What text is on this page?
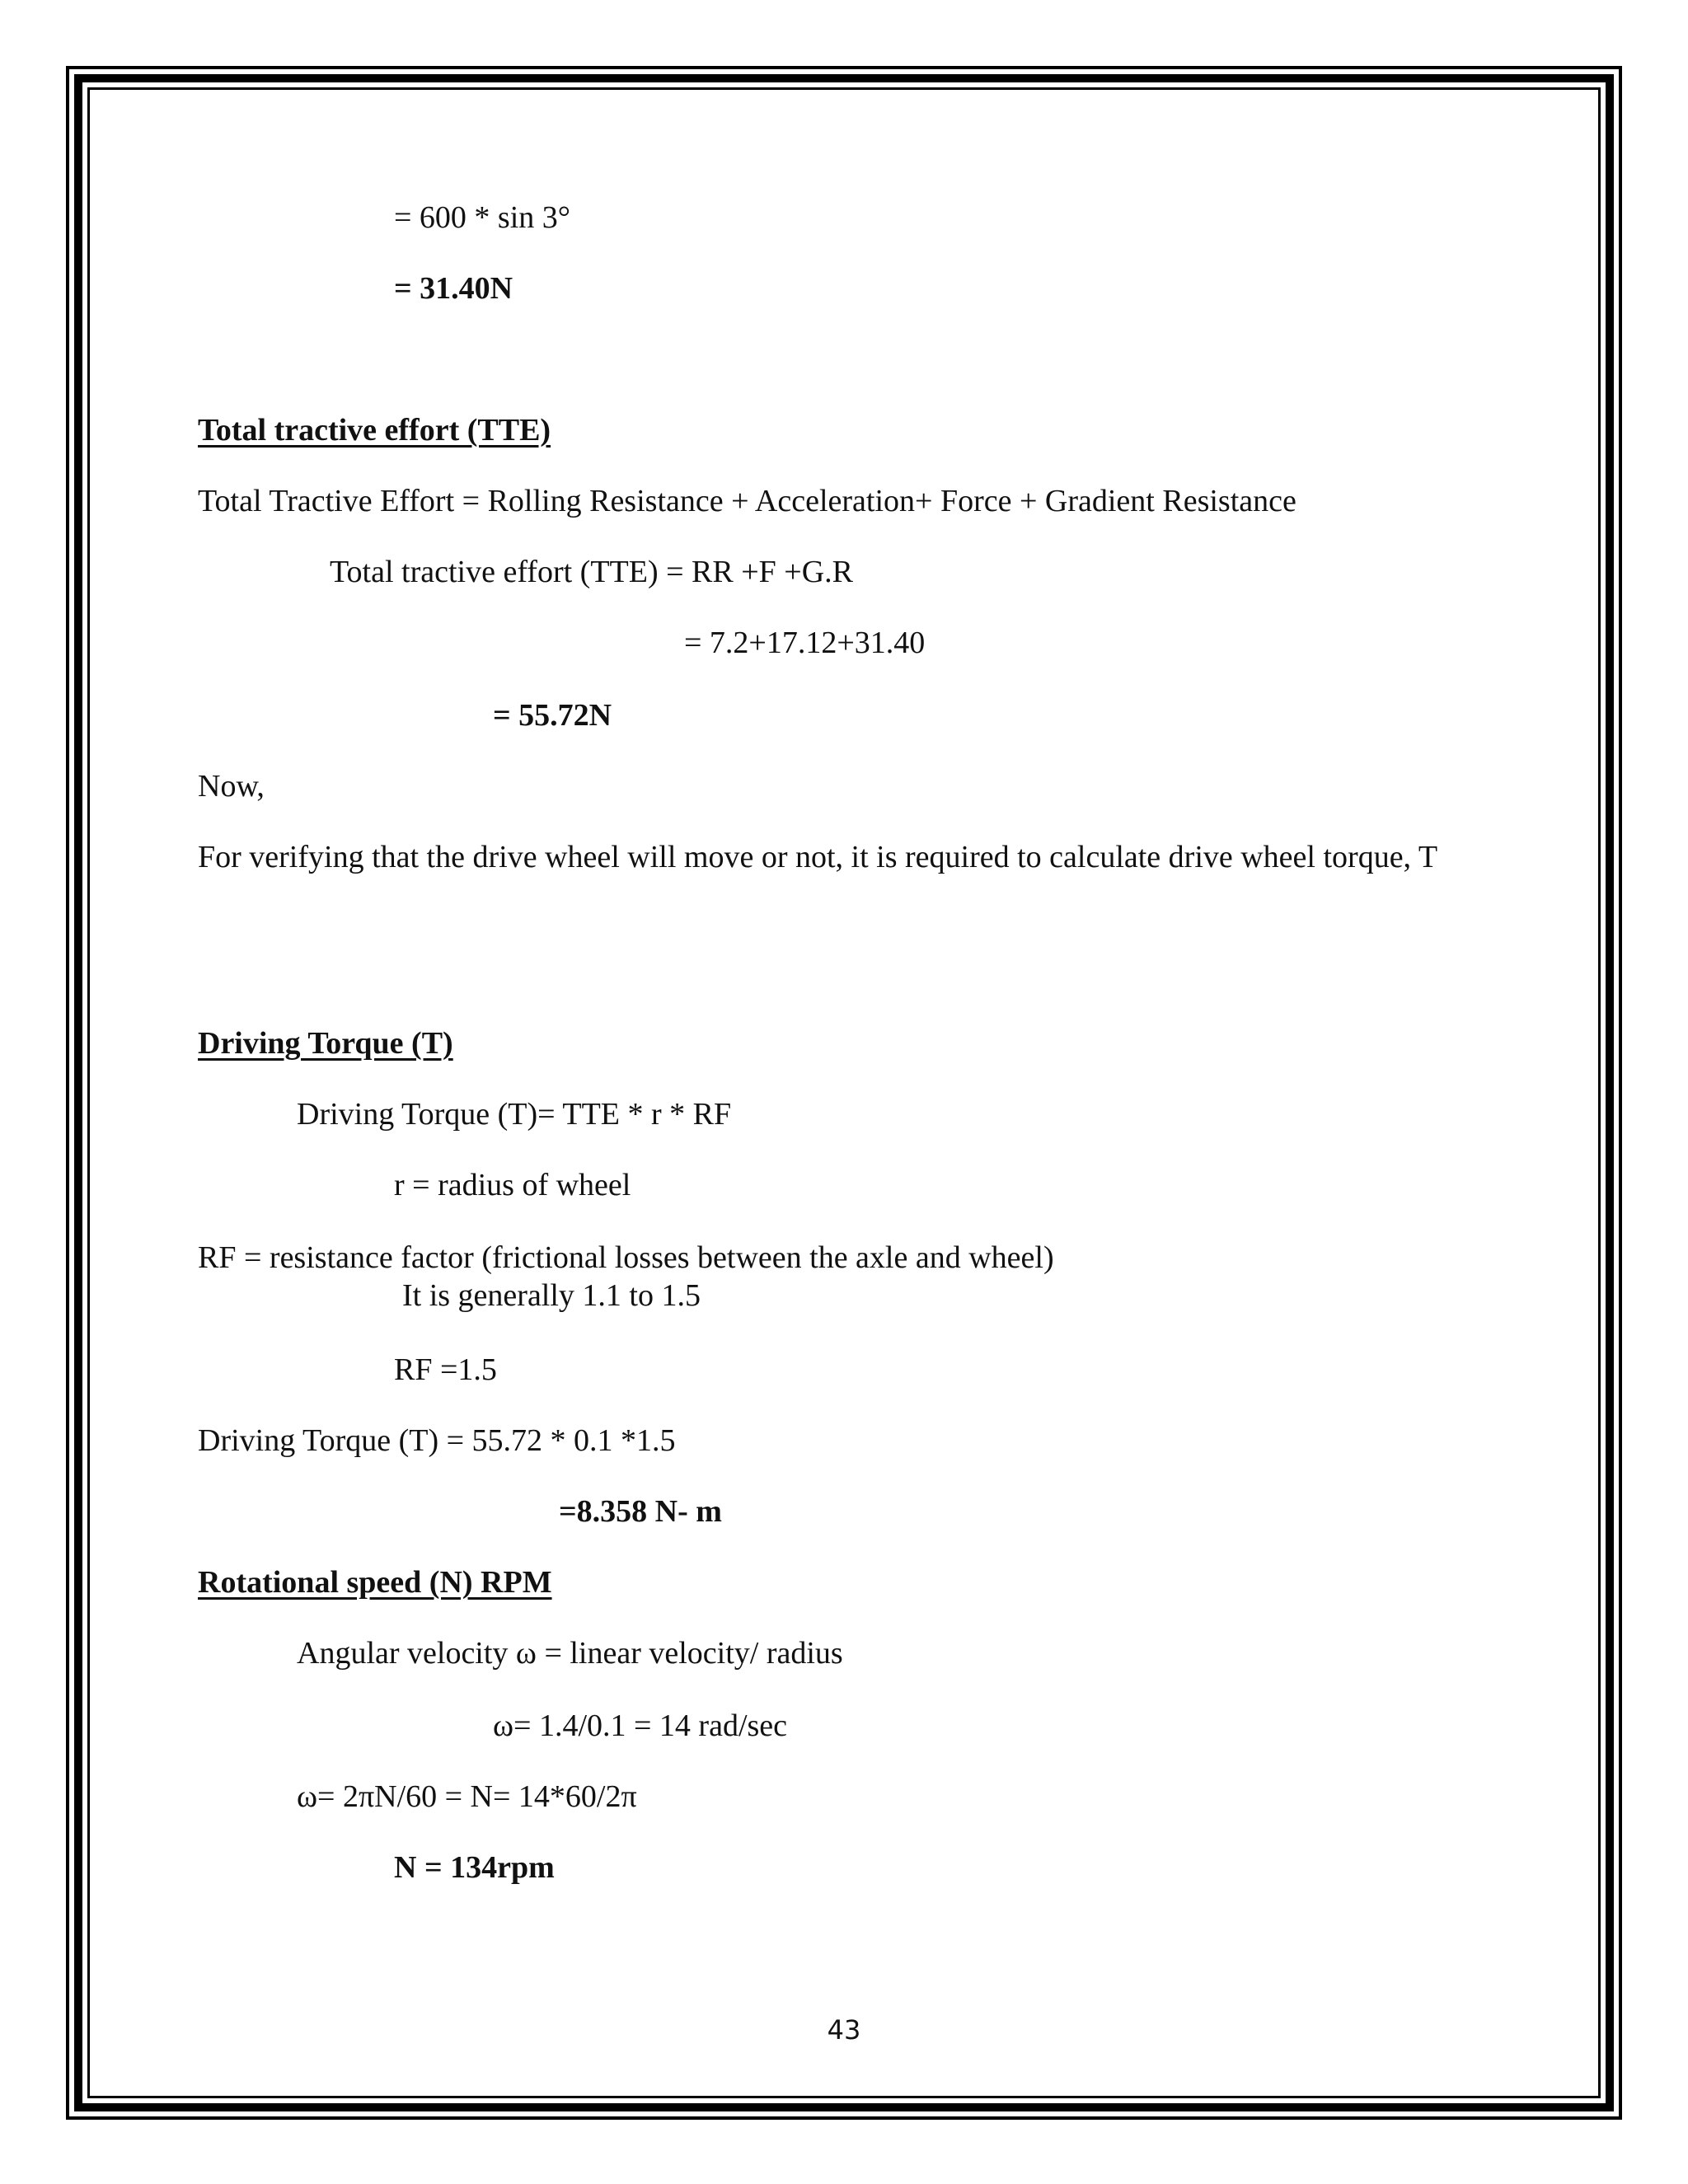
= 600 * sin 3°
= 31.40N
Total tractive effort (TTE)
Total Tractive Effort = Rolling Resistance + Acceleration+ Force + Gradient Resistance
Total tractive effort (TTE) = RR +F +G.R
= 7.2+17.12+31.40
= 55.72N
Now,
For verifying that the drive wheel will move or not, it is required to calculate drive wheel torque, T
Driving Torque (T)
Driving Torque (T)= TTE * r * RF
r = radius of wheel
RF = resistance factor (frictional losses between the axle and wheel)
It is generally 1.1 to 1.5
RF =1.5
Driving Torque (T) = 55.72 * 0.1 *1.5
=8.358 N- m
Rotational speed (N) RPM
Angular velocity ω = linear velocity/ radius
ω= 1.4/0.1 = 14 rad/sec
ω= 2πN/60 = N= 14*60/2π
N = 134rpm
43
